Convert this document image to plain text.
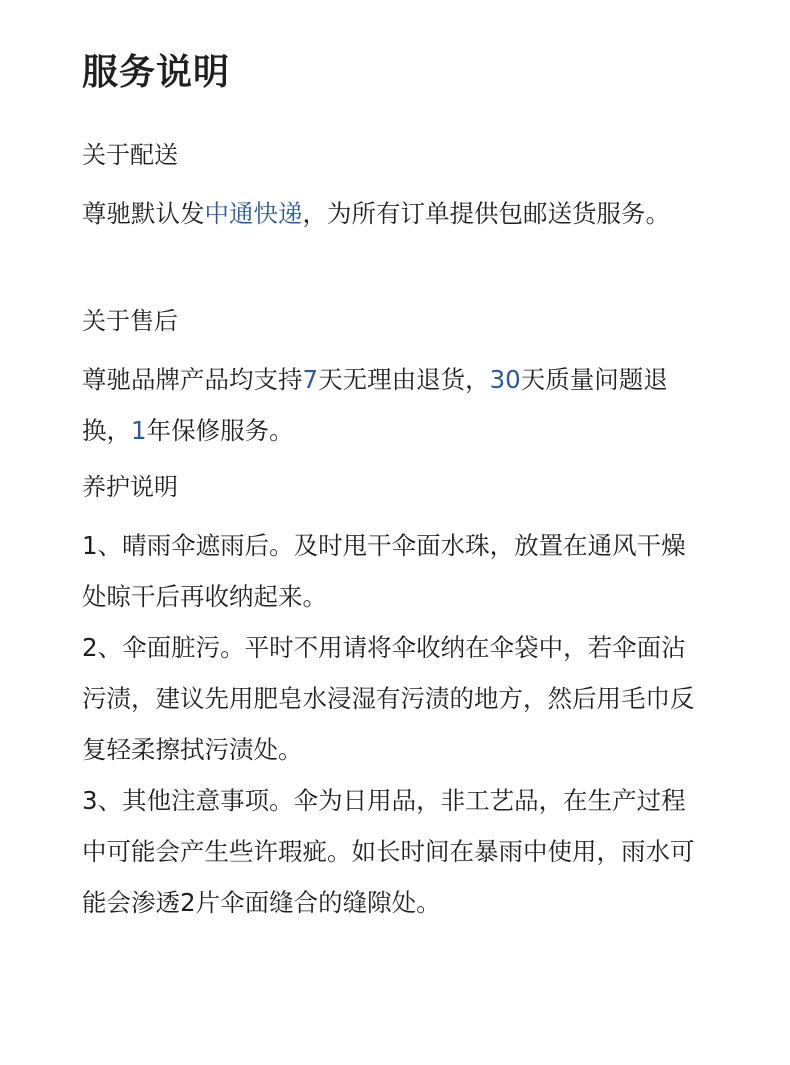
服务说明
关于配送

尊驰默认发中通快递，为所有订单提供包邮送货服务。

关于售后

尊驰品牌产品均支持7天无理由退货，30天质量问题退换，1年保修服务。

养护说明

1、晴雨伞遮雨后。及时甩干伞面水珠，放置在通风干燥处晾干后再收纳起来。

2、伞面脏污。平时不用请将伞收纳在伞袋中，若伞面沾污渍，建议先用肥皂水浸湿有污渍的地方，然后用毛巾反复轻柔擦拭污渍处。

3、其他注意事项。伞为日用品，非工艺品，在生产过程中可能会产生些许瑕疵。如长时间在暴雨中使用，雨水可能会渗透2片伞面缝合的缝隙处。
